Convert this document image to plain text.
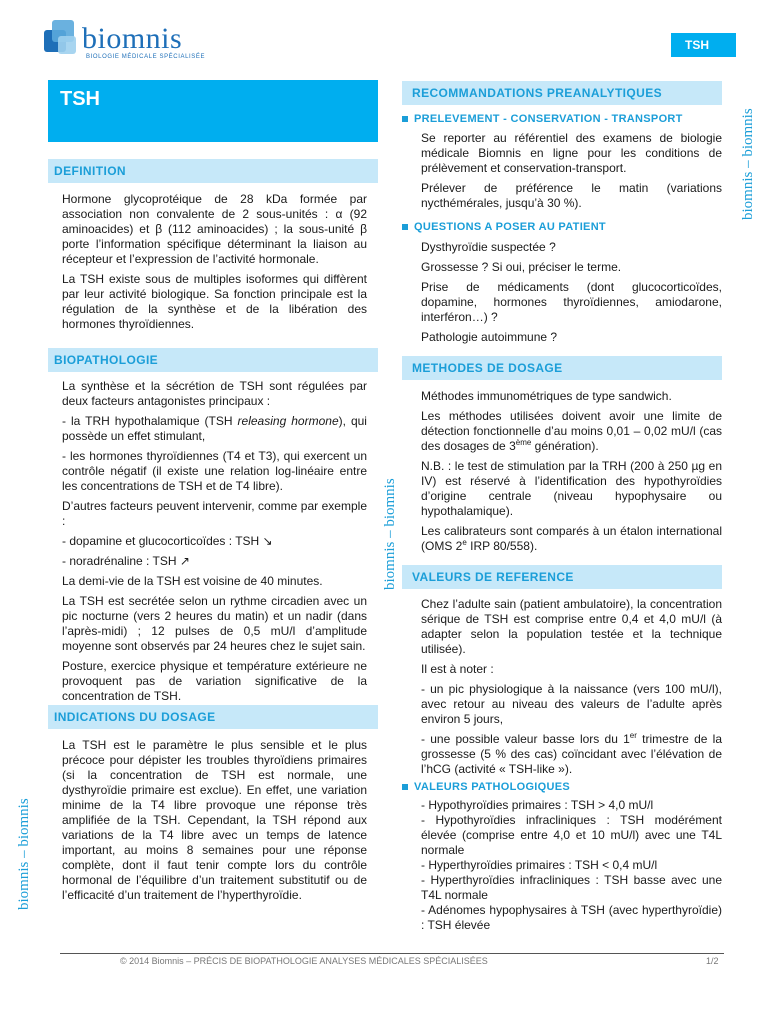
biomnis
BIOLOGIE MÉDICALE SPÉCIALISÉE
TSH
biomnis – biomnis
biomnis – biomnis
biomnis – biomnis
TSH
DEFINITION

Hormone glycoprotéique de 28 kDa formée par association non convalente de 2 sous-unités : α (92 aminoacides) et β (112 aminoacides) ; la sous-unité β porte l’information spécifique déterminant la liaison au récepteur et l’expression de l’activité hormonale.

La TSH existe sous de multiples isoformes qui diffèrent par leur activité biologique. Sa fonction principale est la régulation de la synthèse et de la libération des hormones thyroïdiennes.

BIOPATHOLOGIE

La synthèse et la sécrétion de TSH sont régulées par deux facteurs antagonistes principaux :

- la TRH hypothalamique (TSH releasing hormone), qui possède un effet stimulant,

- les hormones thyroïdiennes (T4 et T3), qui exercent un contrôle négatif (il existe une relation log-linéaire entre les concentrations de TSH et de T4 libre).

D’autres facteurs peuvent intervenir, comme par exemple :

- dopamine et glucocorticoïdes : TSH ↘

- noradrénaline : TSH ↗

La demi-vie de la TSH est voisine de 40 minutes.

La TSH est secrétée selon un rythme circadien avec un pic nocturne (vers 2 heures du matin) et un nadir (dans l’après-midi) ; 12 pulses de 0,5 mU/l d’amplitude moyenne sont observés par 24 heures chez le sujet sain.

Posture, exercice physique et température extérieure ne provoquent pas de variation significative de la concentration de TSH.

INDICATIONS DU DOSAGE

La TSH est le paramètre le plus sensible et le plus précoce pour dépister les troubles thyroïdiens primaires (si la concentration de TSH est normale, une dysthyroïdie primaire est exclue). En effet, une variation minime de la T4 libre provoque une réponse très amplifiée de la TSH. Cependant, la TSH répond aux variations de la T4 libre avec un temps de latence important, au moins 8 semaines pour une réponse complète, dont il faut tenir compte lors du contrôle hormonal de l’équilibre d’un traitement substitutif ou de l’efficacité d’un traitement de l’hyperthyroïdie.

RECOMMANDATIONS PREANALYTIQUES
PRELEVEMENT - CONSERVATION - TRANSPORT

Se reporter au référentiel des examens de biologie médicale Biomnis en ligne pour les conditions de prélèvement et conservation-transport.

Prélever de préférence le matin (variations nycthémérales, jusqu’à 30 %).

QUESTIONS A POSER AU PATIENT

Dysthyroïdie suspectée ?

Grossesse ? Si oui, préciser le terme.

Prise de médicaments (dont glucocorticoïdes, dopamine, hormones thyroïdiennes, amiodarone, interféron…) ?

Pathologie autoimmune ?

METHODES DE DOSAGE

Méthodes immunométriques de type sandwich.

Les méthodes utilisées doivent avoir une limite de détection fonctionnelle d’au moins 0,01 – 0,02 mU/l (cas des dosages de 3ème génération).

N.B. : le test de stimulation par la TRH (200 à 250 µg en IV) est réservé à l’identification des hypothyroïdies d’origine centrale (niveau hypophysaire ou hypothalamique).

Les calibrateurs sont comparés à un étalon international (OMS 2e IRP 80/558).

VALEURS DE REFERENCE

Chez l’adulte sain (patient ambulatoire), la concentration sérique de TSH est comprise entre 0,4 et 4,0 mU/l (à adapter selon la population testée et la technique utilisée).

Il est à noter :

- un pic physiologique à la naissance (vers 100 mU/l), avec retour au niveau des valeurs de l’adulte après environ 5 jours,

- une possible valeur basse lors du 1er trimestre de la grossesse (5 % des cas) coïncidant avec l’élévation de l’hCG (activité « TSH-like »).

VALEURS PATHOLOGIQUES

- Hypothyroïdies primaires : TSH > 4,0 mU/l

- Hypothyroïdies infracliniques : TSH modérément élevée (comprise entre 4,0 et 10 mU/l) avec une T4L normale

- Hyperthyroïdies primaires : TSH < 0,4 mU/l

- Hyperthyroïdies infracliniques : TSH basse avec une T4L normale

- Adénomes hypophysaires à TSH (avec hyperthyroïdie) : TSH élevée

© 2014 Biomnis – PRÉCIS DE BIOPATHOLOGIE ANALYSES MÉDICALES SPÉCIALISÉES	1/2
